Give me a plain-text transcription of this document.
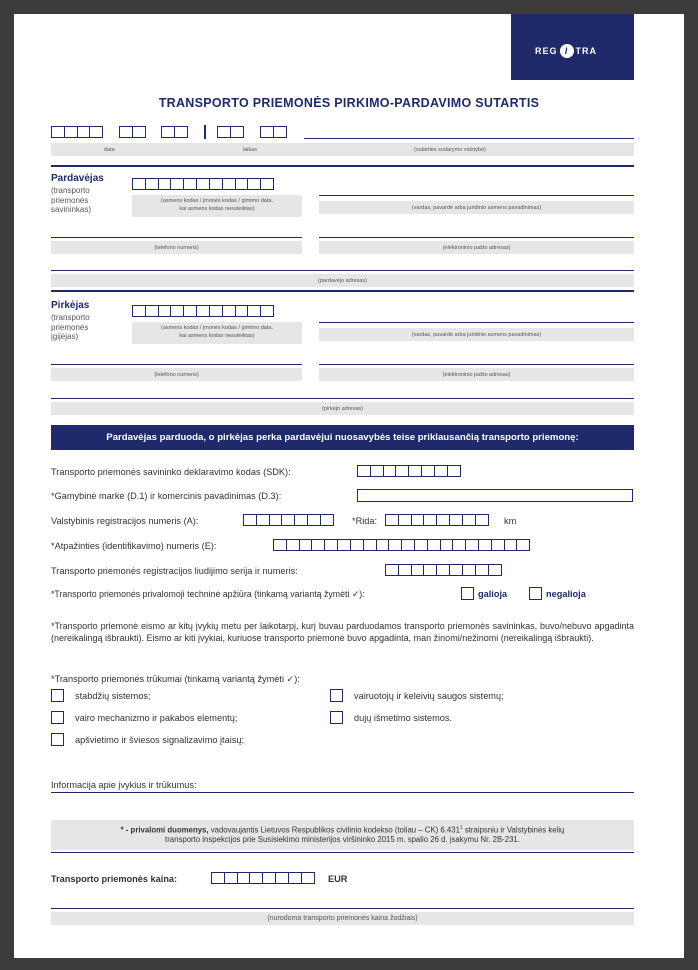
REG I TRA
TRANSPORTO PRIEMONĖS PIRKIMO-PARDAVIMO SUTARTIS
data	laikas	(sutarties sudarymo valstybė)
Pardavėjas
(transporto
priemonės
savininkas)
(asmens kodas / įmonės kodas / gimimo data,
kai asmens kodas nesuteiktas)	(vardas, pavardė arba juridinio asmens pavadinimas)
(telefono numeris)	(elektroninio pašto adresas)
(pardavėjo adresas)
Pirkėjas
(transporto
priemonės
įgijėjas)
(asmens kodas / įmonės kodas / gimimo data,
kai asmens kodas nesuteiktas)	(vardas, pavardė arba juridinio asmens pavadinimas)
(telefono numeris)	(elektroninio pašto adresas)
(pirkėjo adresas)
Pardavėjas parduoda, o pirkėjas perka pardavėjui nuosavybės teise priklausančią transporto priemonę:
Transporto priemonės savininko deklaravimo kodas (SDK):
*Gamybinė markė (D.1) ir komercinis pavadinimas (D.3):
Valstybinis registracijos numeris (A):	*Rida:	km
*Atpažinties (identifikavimo) numeris (E):
Transporto priemonės registracijos liudijimo serija ir numeris:
*Transporto priemonės privalomoji techninė apžiūra (tinkamą variantą žymėti ✓):	galioja	negalioja
*Transporto priemonė eismo ar kitų įvykių metu per laikotarpį, kurį buvau parduodamos transporto priemonės savininkas, buvo/nebuvo apgadinta (nereikalingą išbraukti). Eismo ar kiti įvykiai, kuriuose transporto priemonė buvo apgadinta, man žinomi/nežinomi (nereikalingą išbraukti).
*Transporto priemonės trūkumai (tinkamą variantą žymėti ✓):
stabdžių sistemos;	vairuotojų ir keleivių saugos sistemų;
vairo mechanizmo ir pakabos elementų;	dujų išmetimo sistemos.
apšvietimo ir šviesos signalizavimo įtaisų;
Informacija apie įvykius ir trūkumus:
* - privalomi duomenys, vadovaujantis Lietuvos Respublikos civilinio kodekso (toliau – CK) 6.431$^1$ straipsniu ir Valstybinės kelių
transporto inspekcijos prie Susisiekimo ministerijos viršininko 2015 m. spalio 26 d. įsakymu Nr. 2B-231.
Transporto priemonės kaina:	EUR
(nurodoma transporto priemonės kaina žodžiais)
